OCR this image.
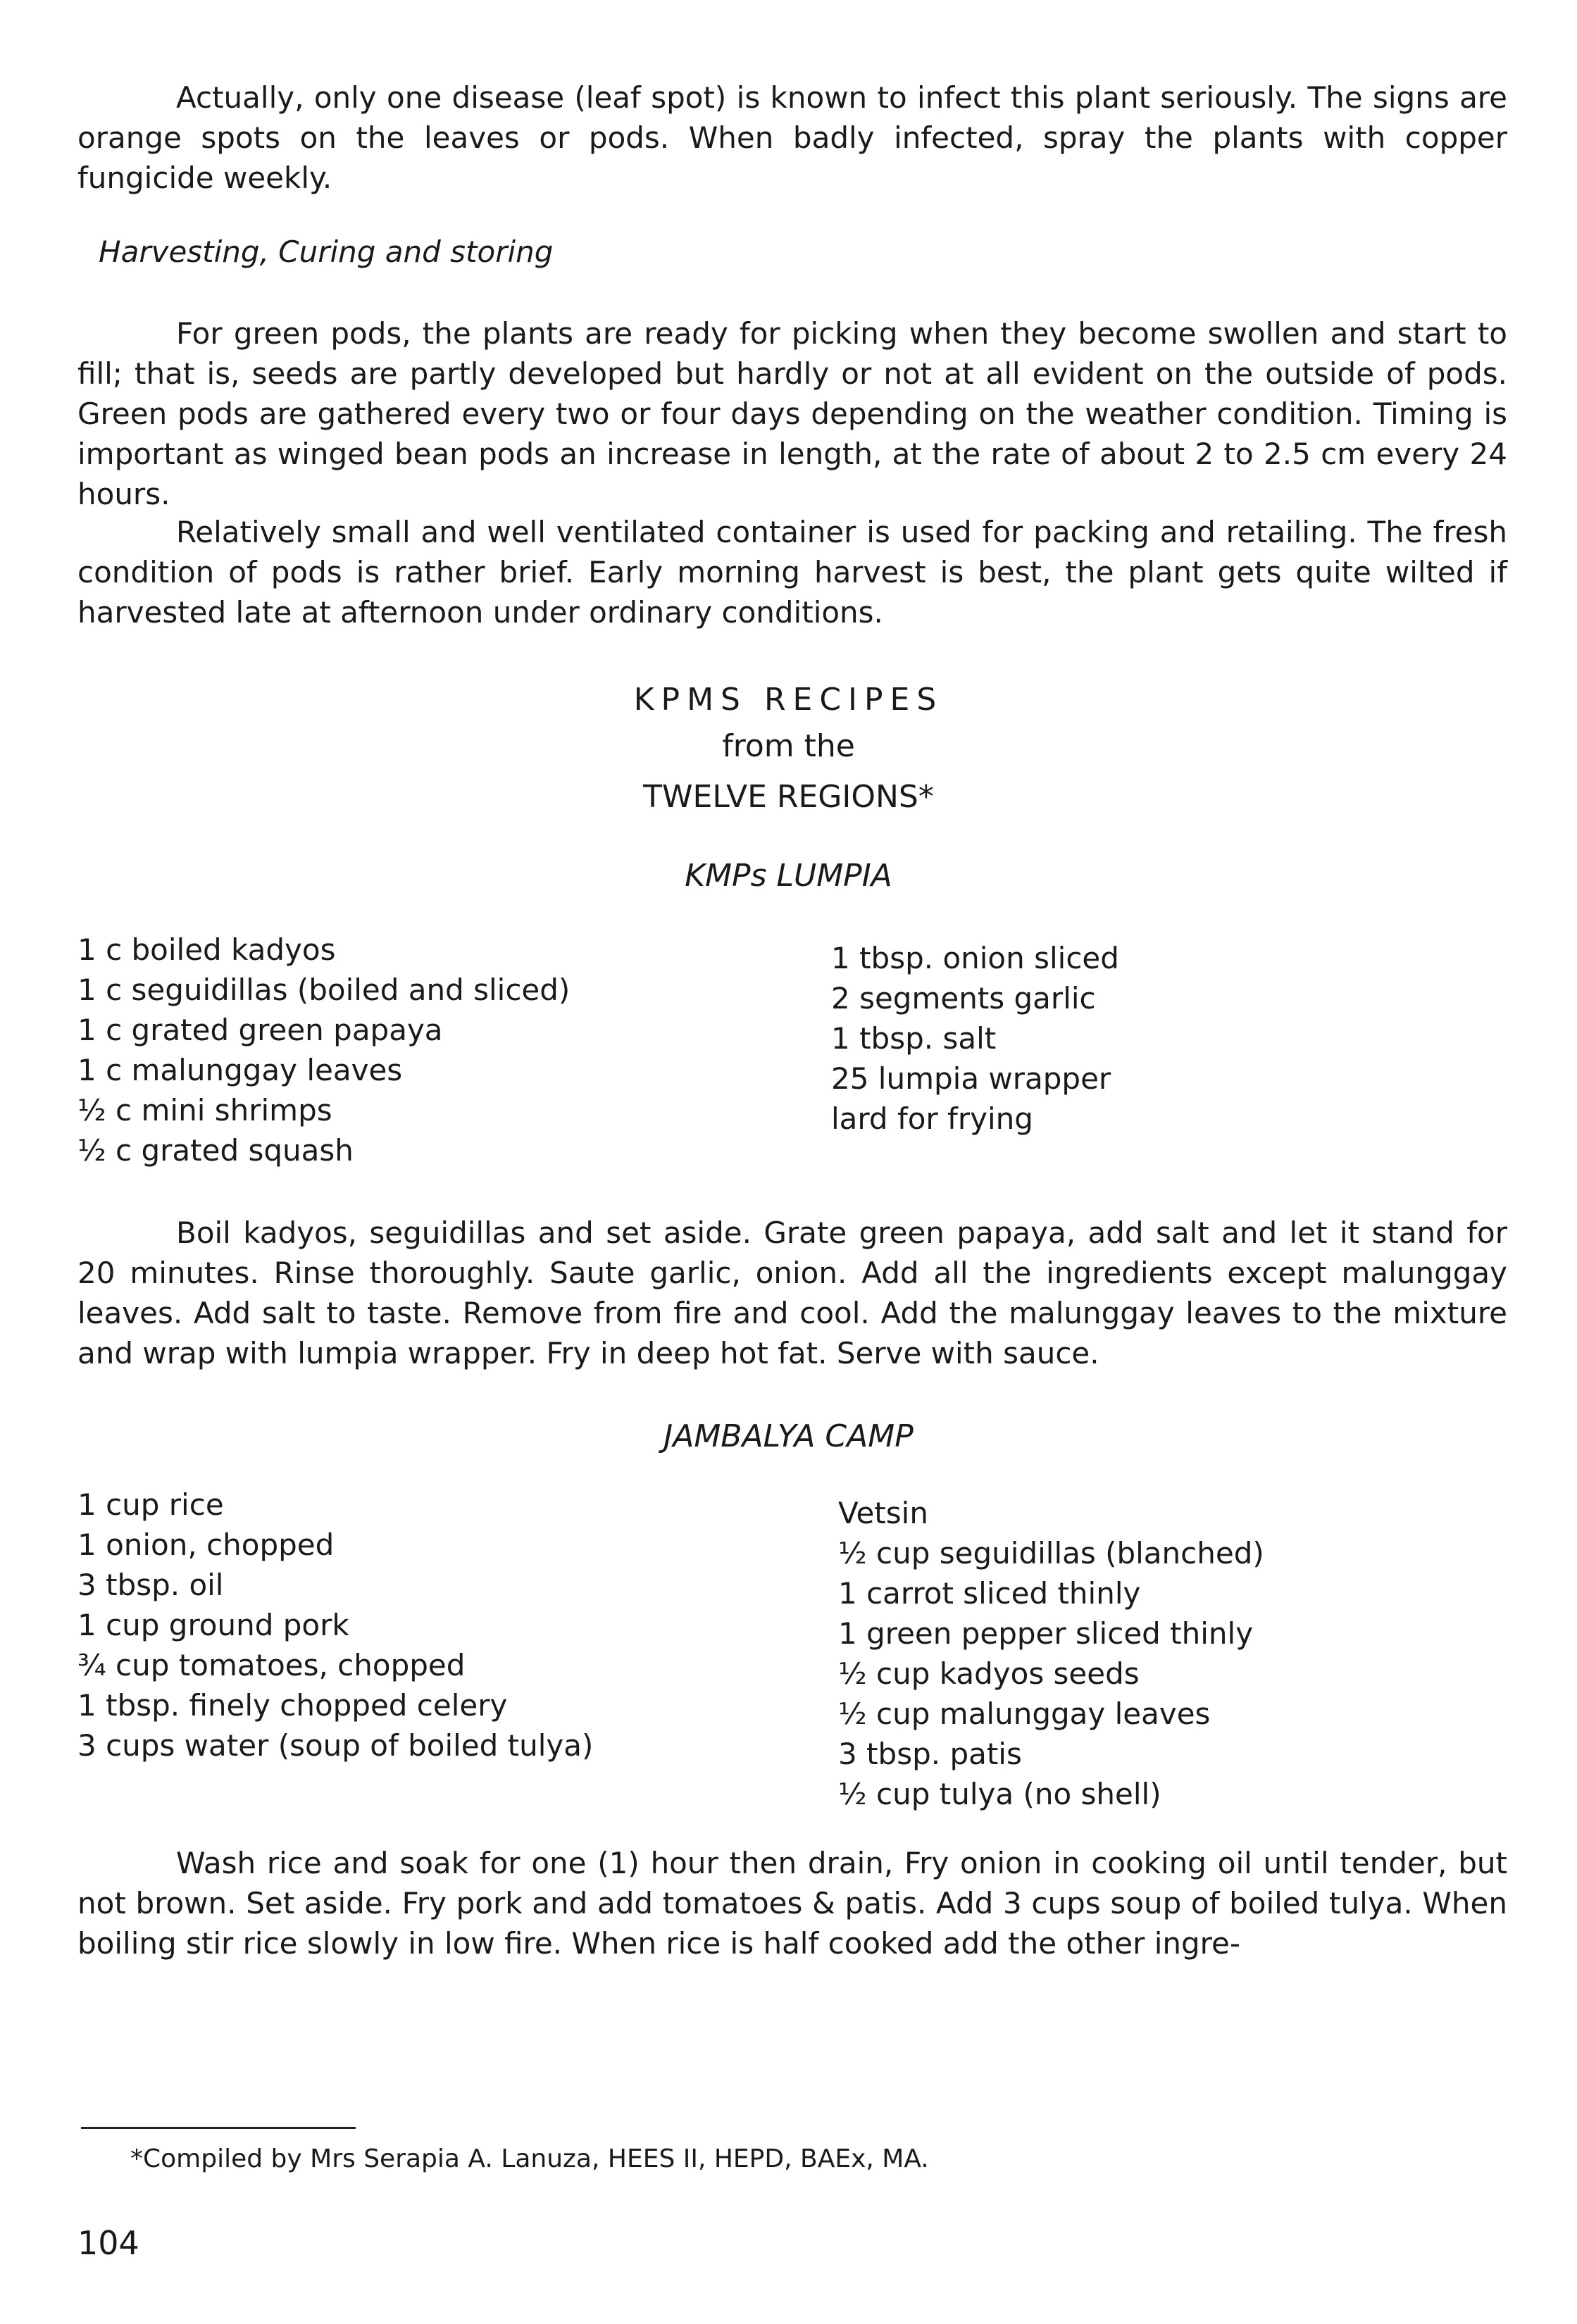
Actually, only one disease (leaf spot) is known to infect this plant seriously. The signs are orange spots on the leaves or pods. When badly infected, spray the plants with copper fungicide weekly.

Harvesting, Curing and storing

For green pods, the plants are ready for picking when they become swollen and start to fill; that is, seeds are partly developed but hardly or not at all evident on the outside of pods. Green pods are gathered every two or four days depending on the weather condition. Timing is important as winged bean pods an increase in length, at the rate of about 2 to 2.5 cm every 24 hours.

Relatively small and well ventilated container is used for packing and retailing. The fresh condition of pods is rather brief. Early morning harvest is best, the plant gets quite wilted if harvested late at afternoon under ordinary conditions.

KPMS RECIPES

from the

TWELVE REGIONS*

KMPs LUMPIA

1 c boiled kadyos
1 c seguidillas (boiled and sliced)
1 c grated green papaya
1 c malunggay leaves
½ c mini shrimps
½ c grated squash
1 tbsp. onion sliced
2 segments garlic
1 tbsp. salt
25 lumpia wrapper
lard for frying

Boil kadyos, seguidillas and set aside. Grate green papaya, add salt and let it stand for 20 minutes. Rinse thoroughly. Saute garlic, onion. Add all the ingredients except malunggay leaves. Add salt to taste. Remove from fire and cool. Add the malunggay leaves to the mixture and wrap with lumpia wrapper. Fry in deep hot fat. Serve with sauce.

JAMBALYA CAMP

1 cup rice
1 onion, chopped
3 tbsp. oil
1 cup ground pork
¾ cup tomatoes, chopped
1 tbsp. finely chopped celery
3 cups water (soup of boiled tulya)
Vetsin
½ cup seguidillas (blanched)
1 carrot sliced thinly
1 green pepper sliced thinly
½ cup kadyos seeds
½ cup malunggay leaves
3 tbsp. patis
½ cup tulya (no shell)

Wash rice and soak for one (1) hour then drain, Fry onion in cooking oil until tender, but not brown. Set aside. Fry pork and add tomatoes & patis. Add 3 cups soup of boiled tulya. When boiling stir rice slowly in low fire. When rice is half cooked add the other ingre-

*Compiled by Mrs Serapia A. Lanuza, HEES II, HEPD, BAEx, MA.

104
